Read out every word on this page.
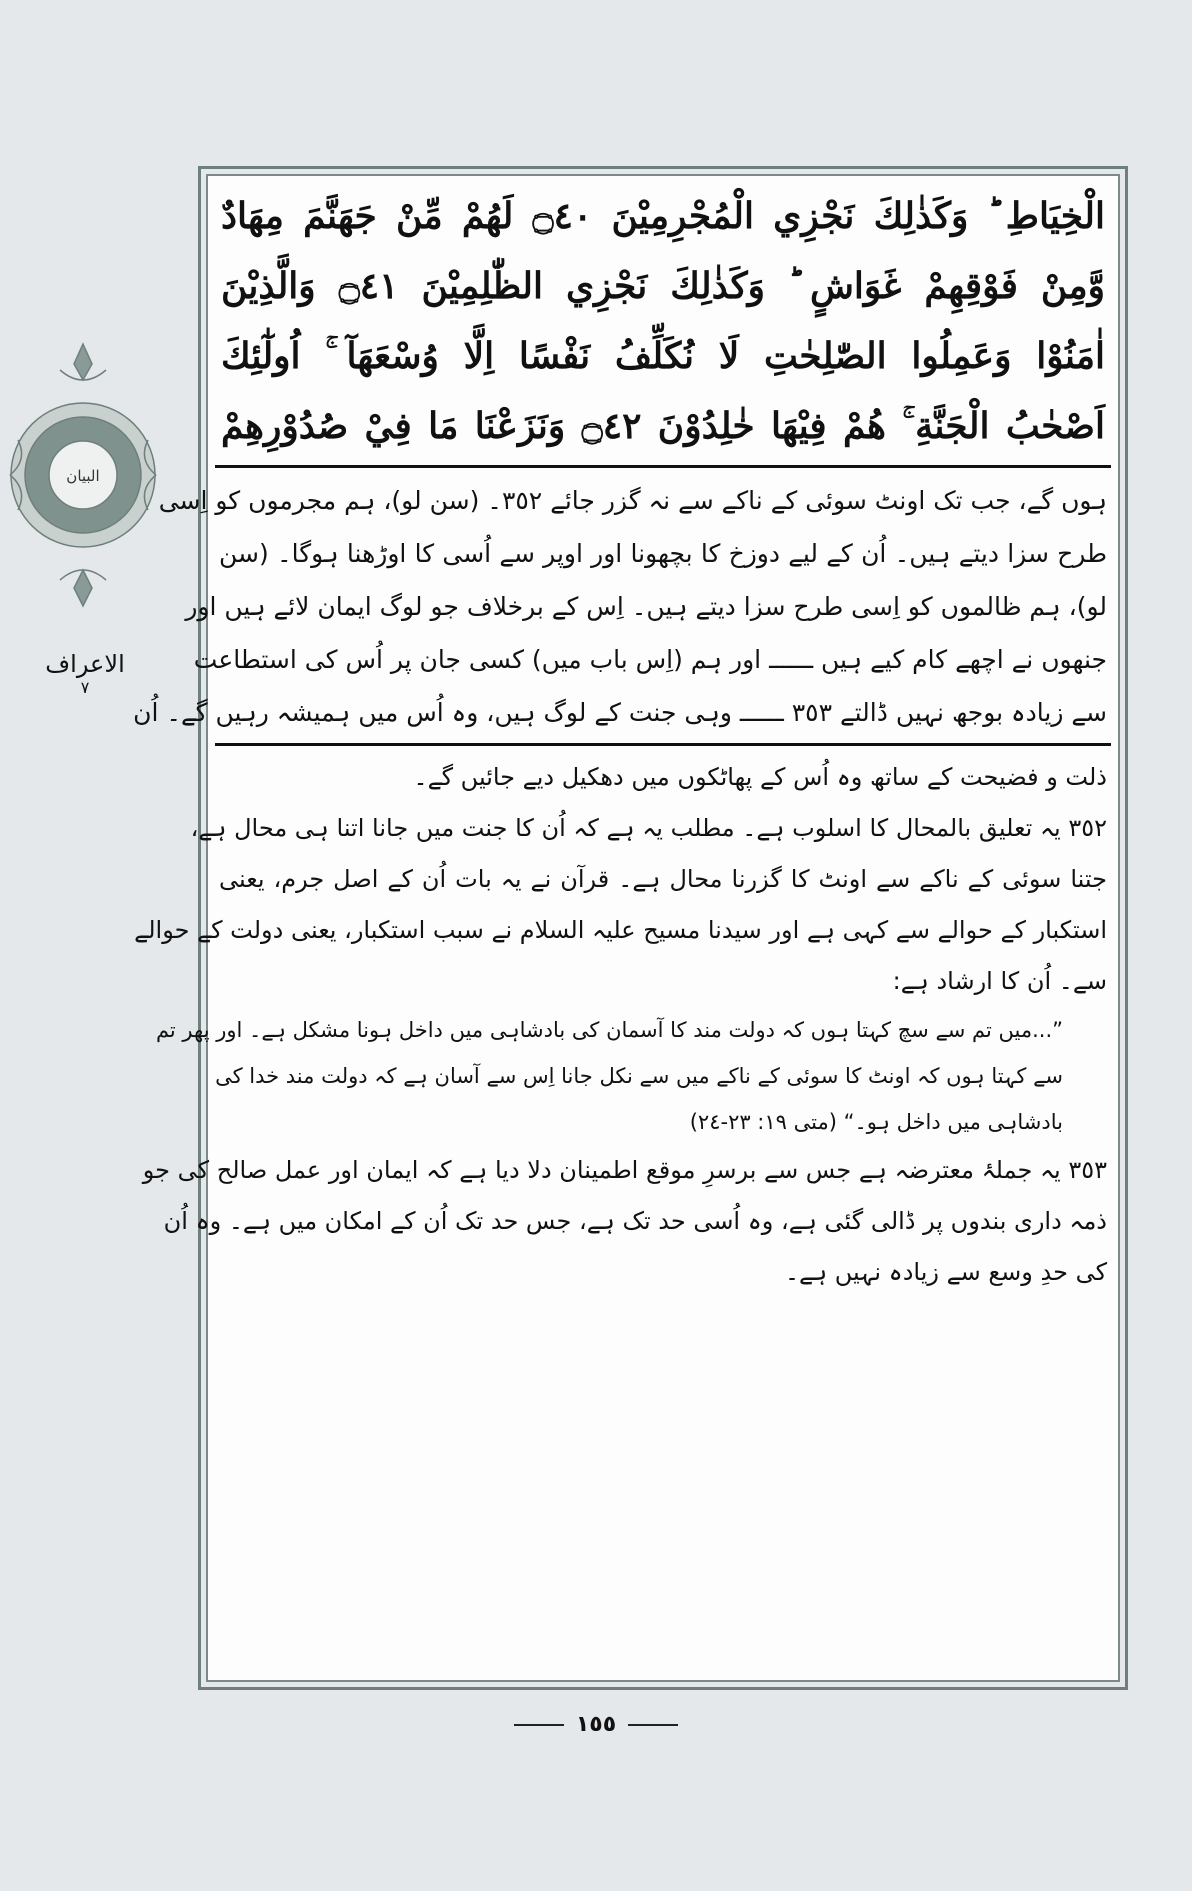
البیان
الاعراف
۷
الْخِيَاطِ ؕ وَكَذٰلِكَ نَجْزِي الْمُجْرِمِيْنَ ۝٤٠ لَهُمْ مِّنْ جَهَنَّمَ مِهَادٌ
وَّمِنْ فَوْقِهِمْ غَوَاشٍ ؕ وَكَذٰلِكَ نَجْزِي الظّٰلِمِيْنَ ۝٤١ وَالَّذِيْنَ
اٰمَنُوْا وَعَمِلُوا الصّٰلِحٰتِ لَا نُكَلِّفُ نَفْسًا اِلَّا وُسْعَهَآ ۚ اُولٰٓئِكَ
اَصْحٰبُ الْجَنَّةِ ۚ هُمْ فِيْهَا خٰلِدُوْنَ ۝٤٢ وَنَزَعْنَا مَا فِيْ صُدُوْرِهِمْ
ہوں گے، جب تک اونٹ سوئی کے ناکے سے نہ گزر جائے ٣٥٢۔ (سن لو)، ہم مجرموں کو اِسی
طرح سزا دیتے ہیں۔ اُن کے لیے دوزخ کا بچھونا اور اوپر سے اُسی کا اوڑھنا ہوگا۔ (سن
لو)، ہم ظالموں کو اِسی طرح سزا دیتے ہیں۔ اِس کے برخلاف جو لوگ ایمان لائے ہیں اور
جنھوں نے اچھے کام کیے ہیں ــــــ اور ہم (اِس باب میں) کسی جان پر اُس کی استطاعت
سے زیادہ بوجھ نہیں ڈالتے ٣٥٣ ــــــ وہی جنت کے لوگ ہیں، وہ اُس میں ہمیشہ رہیں گے۔ اُن
ذلت و فضیحت کے ساتھ وہ اُس کے پھاٹکوں میں دھکیل دیے جائیں گے۔
٣٥٢ یہ تعلیق بالمحال کا اسلوب ہے۔ مطلب یہ ہے کہ اُن کا جنت میں جانا اتنا ہی محال ہے،
جتنا سوئی کے ناکے سے اونٹ کا گزرنا محال ہے۔ قرآن نے یہ بات اُن کے اصل جرم، یعنی
استکبار کے حوالے سے کہی ہے اور سیدنا مسیح علیہ السلام نے سبب استکبار، یعنی دولت کے حوالے
سے۔ اُن کا ارشاد ہے:
”...میں تم سے سچ کہتا ہوں کہ دولت مند کا آسمان کی بادشاہی میں داخل ہونا مشکل ہے۔ اور پھر تم
سے کہتا ہوں کہ اونٹ کا سوئی کے ناکے میں سے نکل جانا اِس سے آسان ہے کہ دولت مند خدا کی
بادشاہی میں داخل ہو۔“ (متی ١٩: ٢٣-٢٤)
٣٥٣ یہ جملۂ معترضہ ہے جس سے برسرِ موقع اطمینان دلا دیا ہے کہ ایمان اور عمل صالح کی جو
ذمہ داری بندوں پر ڈالی گئی ہے، وہ اُسی حد تک ہے، جس حد تک اُن کے امکان میں ہے۔ وہ اُن
کی حدِ وسع سے زیادہ نہیں ہے۔
١٥٥
